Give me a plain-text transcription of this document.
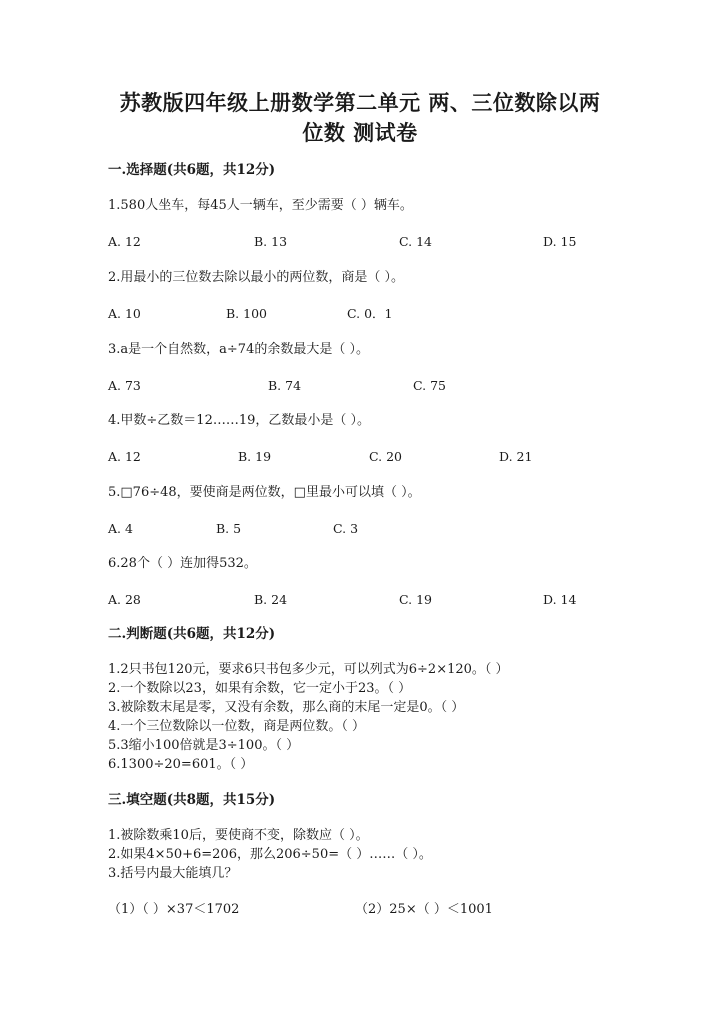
苏教版四年级上册数学第二单元 两、三位数除以两
位数 测试卷
一.选择题(共6题，共12分)
1.580人坐车，每45人一辆车，至少需要（ ）辆车。
A. 12	B. 13	C. 14	D. 15
2.用最小的三位数去除以最小的两位数，商是（ ）。
A. 10	B. 100	C. 0．1
3.a是一个自然数，a÷74的余数最大是（ ）。
A. 73	B. 74	C. 75
4.甲数÷乙数＝12……19，乙数最小是（ ）。
A. 12	B. 19	C. 20	D. 21
5.□76÷48，要使商是两位数，□里最小可以填（ ）。
A. 4	B. 5	C. 3
6.28个（ ）连加得532。
A. 28	B. 24	C. 19	D. 14
二.判断题(共6题，共12分)
1.2只书包120元，要求6只书包多少元，可以列式为6÷2×120。（ ）
2.一个数除以23，如果有余数，它一定小于23。（ ）
3.被除数末尾是零，又没有余数，那么商的末尾一定是0。（ ）
4.一个三位数除以一位数，商是两位数。（ ）
5.3缩小100倍就是3÷100。（ ）
6.1300÷20=601。（ ）
三.填空题(共8题，共15分)
1.被除数乘10后，要使商不变，除数应（ ）。
2.如果4×50+6=206，那么206÷50=（ ）……（ ）。
3.括号内最大能填几？
（1）（ ）×37＜1702	（2）25×（ ）＜1001
